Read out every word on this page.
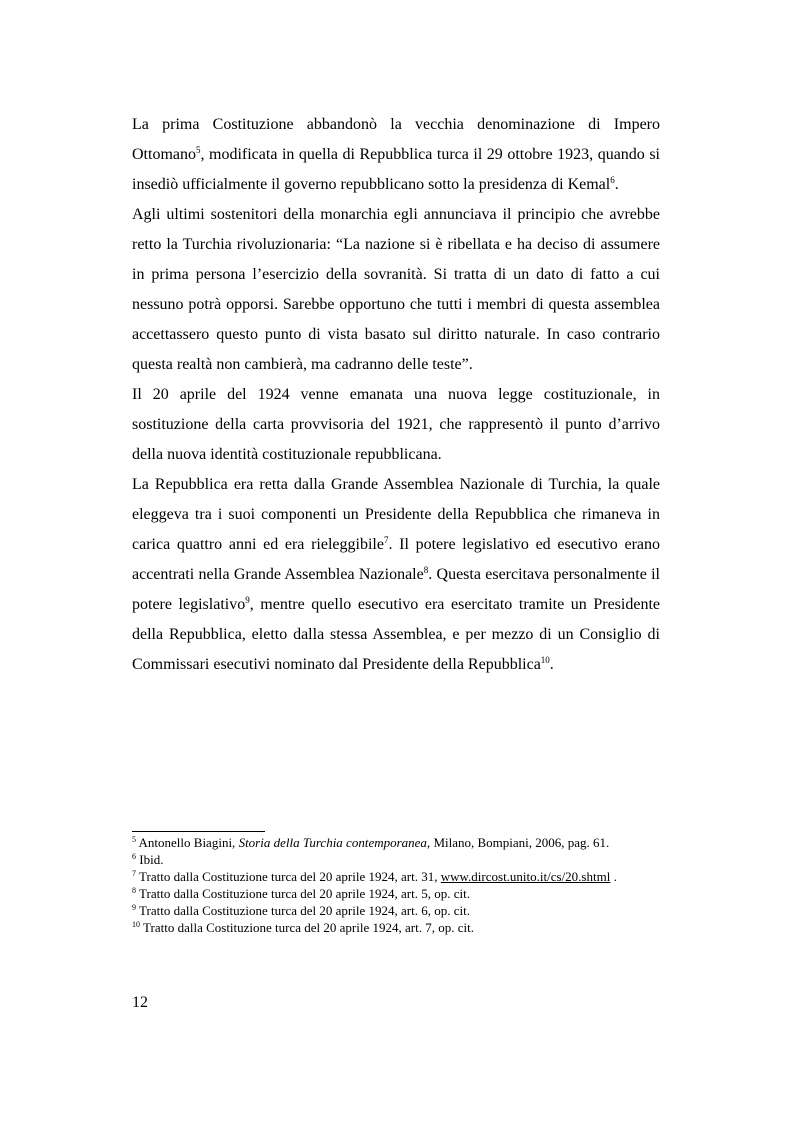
La prima Costituzione abbandonò la vecchia denominazione di Impero Ottomano$^5$, modificata in quella di Repubblica turca il 29 ottobre 1923, quando si insediò ufficialmente il governo repubblicano sotto la presidenza di Kemal$^6$.

Agli ultimi sostenitori della monarchia egli annunciava il principio che avrebbe retto la Turchia rivoluzionaria: “La nazione si è ribellata e ha deciso di assumere in prima persona l’esercizio della sovranità. Si tratta di un dato di fatto a cui nessuno potrà opporsi. Sarebbe opportuno che tutti i membri di questa assemblea accettassero questo punto di vista basato sul diritto naturale. In caso contrario questa realtà non cambierà, ma cadranno delle teste”.

Il 20 aprile del 1924 venne emanata una nuova legge costituzionale, in sostituzione della carta provvisoria del 1921, che rappresentò il punto d’arrivo della nuova identità costituzionale repubblicana.

La Repubblica era retta dalla Grande Assemblea Nazionale di Turchia, la quale eleggeva tra i suoi componenti un Presidente della Repubblica che rimaneva in carica quattro anni ed era rieleggibile$^7$. Il potere legislativo ed esecutivo erano accentrati nella Grande Assemblea Nazionale$^8$. Questa esercitava personalmente il potere legislativo$^9$, mentre quello esecutivo era esercitato tramite un Presidente della Repubblica, eletto dalla stessa Assemblea, e per mezzo di un Consiglio di Commissari esecutivi nominato dal Presidente della Repubblica$^{10}$.

$^5$ Antonello Biagini, Storia della Turchia contemporanea, Milano, Bompiani, 2006, pag. 61.

$^6$ Ibid.

$^7$ Tratto dalla Costituzione turca del 20 aprile 1924, art. 31, www.dircost.unito.it/cs/20.shtml .

$^8$ Tratto dalla Costituzione turca del 20 aprile 1924, art. 5, op. cit.

$^9$ Tratto dalla Costituzione turca del 20 aprile 1924, art. 6, op. cit.

$^{10}$ Tratto dalla Costituzione turca del 20 aprile 1924, art. 7, op. cit.

12
